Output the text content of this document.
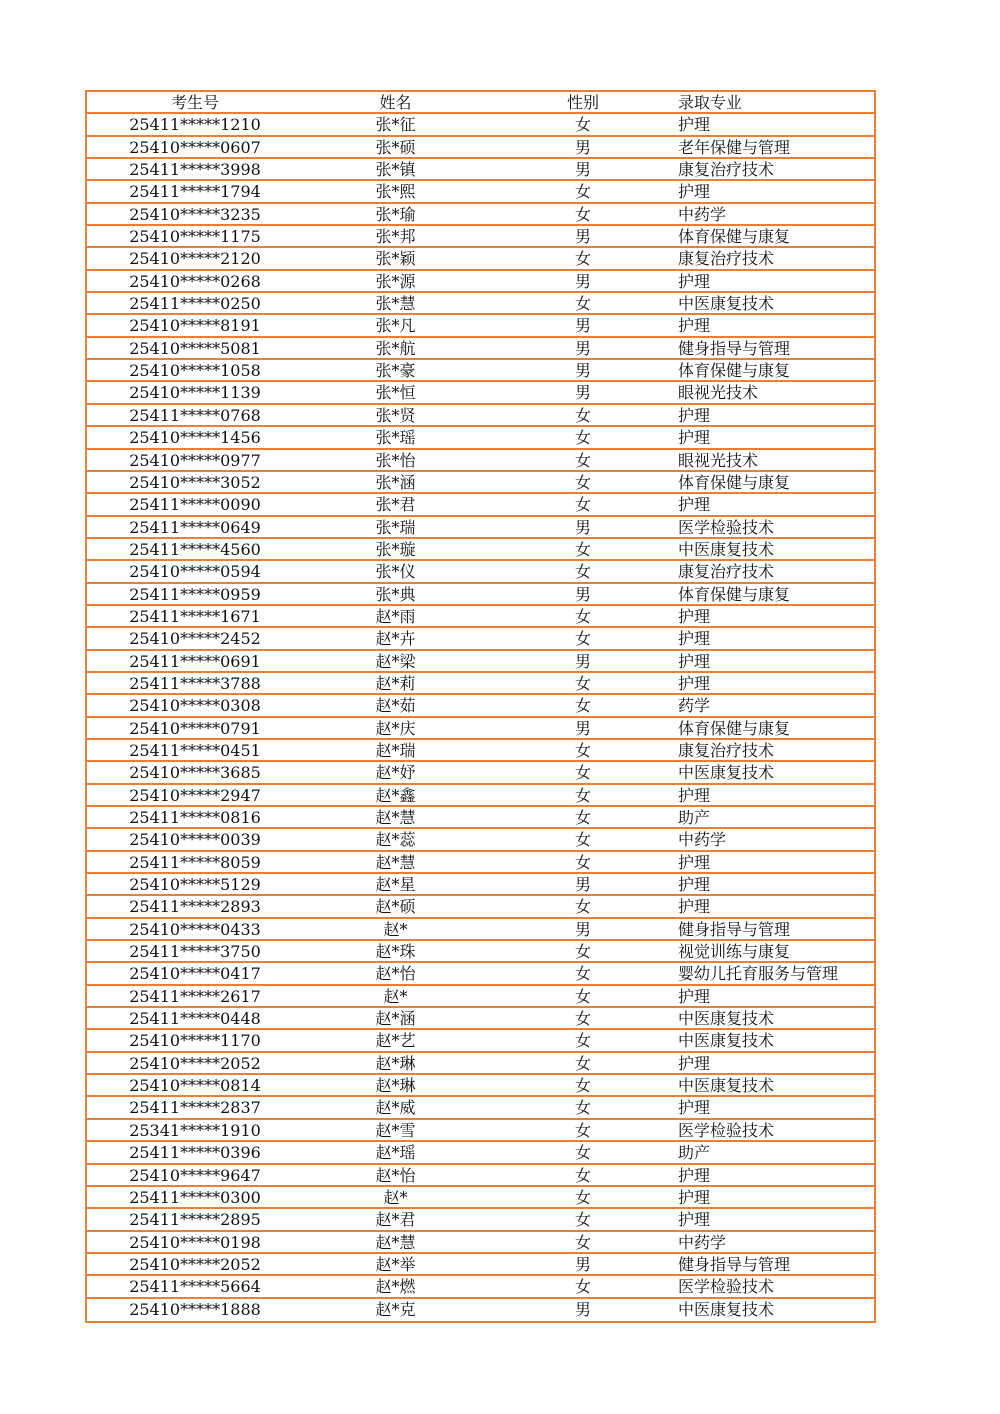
考生号	姓名	性别	录取专业
25411*****1210	张*征	女	护理
25410*****0607	张*硕	男	老年保健与管理
25411*****3998	张*镇	男	康复治疗技术
25411*****1794	张*熙	女	护理
25410*****3235	张*瑜	女	中药学
25410*****1175	张*邦	男	体育保健与康复
25410*****2120	张*颖	女	康复治疗技术
25410*****0268	张*源	男	护理
25411*****0250	张*慧	女	中医康复技术
25410*****8191	张*凡	男	护理
25410*****5081	张*航	男	健身指导与管理
25410*****1058	张*豪	男	体育保健与康复
25410*****1139	张*恒	男	眼视光技术
25411*****0768	张*贤	女	护理
25410*****1456	张*瑶	女	护理
25410*****0977	张*怡	女	眼视光技术
25410*****3052	张*涵	女	体育保健与康复
25411*****0090	张*君	女	护理
25411*****0649	张*瑞	男	医学检验技术
25411*****4560	张*璇	女	中医康复技术
25410*****0594	张*仪	女	康复治疗技术
25411*****0959	张*典	男	体育保健与康复
25411*****1671	赵*雨	女	护理
25410*****2452	赵*卉	女	护理
25411*****0691	赵*梁	男	护理
25411*****3788	赵*莉	女	护理
25410*****0308	赵*茹	女	药学
25410*****0791	赵*庆	男	体育保健与康复
25411*****0451	赵*瑞	女	康复治疗技术
25410*****3685	赵*妤	女	中医康复技术
25410*****2947	赵*鑫	女	护理
25411*****0816	赵*慧	女	助产
25410*****0039	赵*蕊	女	中药学
25411*****8059	赵*慧	女	护理
25410*****5129	赵*星	男	护理
25411*****2893	赵*硕	女	护理
25410*****0433	赵*	男	健身指导与管理
25411*****3750	赵*珠	女	视觉训练与康复
25410*****0417	赵*怡	女	婴幼儿托育服务与管理
25411*****2617	赵*	女	护理
25411*****0448	赵*涵	女	中医康复技术
25410*****1170	赵*艺	女	中医康复技术
25410*****2052	赵*琳	女	护理
25410*****0814	赵*琳	女	中医康复技术
25411*****2837	赵*威	女	护理
25341*****1910	赵*雪	女	医学检验技术
25411*****0396	赵*瑶	女	助产
25410*****9647	赵*怡	女	护理
25411*****0300	赵*	女	护理
25411*****2895	赵*君	女	护理
25410*****0198	赵*慧	女	中药学
25410*****2052	赵*举	男	健身指导与管理
25411*****5664	赵*燃	女	医学检验技术
25410*****1888	赵*克	男	中医康复技术
